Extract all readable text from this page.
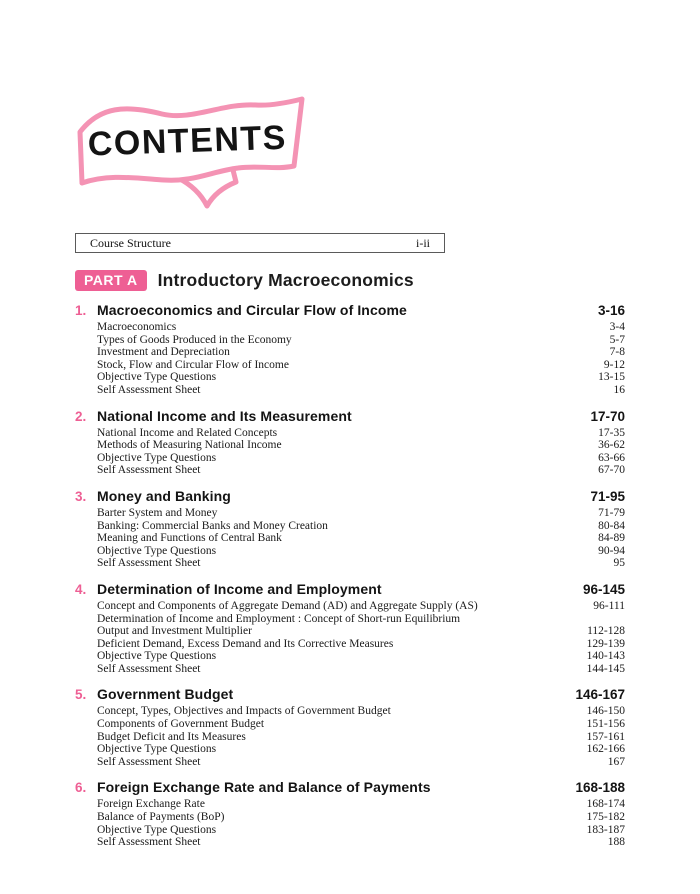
CONTENTS
Course Structure	i-ii
PART A	Introductory Macroeconomics
1. Macroeconomics and Circular Flow of Income	3-16
Macroeconomics	3-4
Types of Goods Produced in the Economy	5-7
Investment and Depreciation	7-8
Stock, Flow and Circular Flow of Income	9-12
Objective Type Questions	13-15
Self Assessment Sheet	16
2. National Income and Its Measurement	17-70
National Income and Related Concepts	17-35
Methods of Measuring National Income	36-62
Objective Type Questions	63-66
Self Assessment Sheet	67-70
3. Money and Banking	71-95
Barter System and Money	71-79
Banking: Commercial Banks and Money Creation	80-84
Meaning and Functions of Central Bank	84-89
Objective Type Questions	90-94
Self Assessment Sheet	95
4. Determination of Income and Employment	96-145
Concept and Components of Aggregate Demand (AD) and Aggregate Supply (AS)	96-111
Determination of Income and Employment : Concept of Short-run Equilibrium
Output and Investment Multiplier	112-128
Deficient Demand, Excess Demand and Its Corrective Measures	129-139
Objective Type Questions	140-143
Self Assessment Sheet	144-145
5. Government Budget	146-167
Concept, Types, Objectives and Impacts of Government Budget	146-150
Components of Government Budget	151-156
Budget Deficit and Its Measures	157-161
Objective Type Questions	162-166
Self Assessment Sheet	167
6. Foreign Exchange Rate and Balance of Payments	168-188
Foreign Exchange Rate	168-174
Balance of Payments (BoP)	175-182
Objective Type Questions	183-187
Self Assessment Sheet	188
